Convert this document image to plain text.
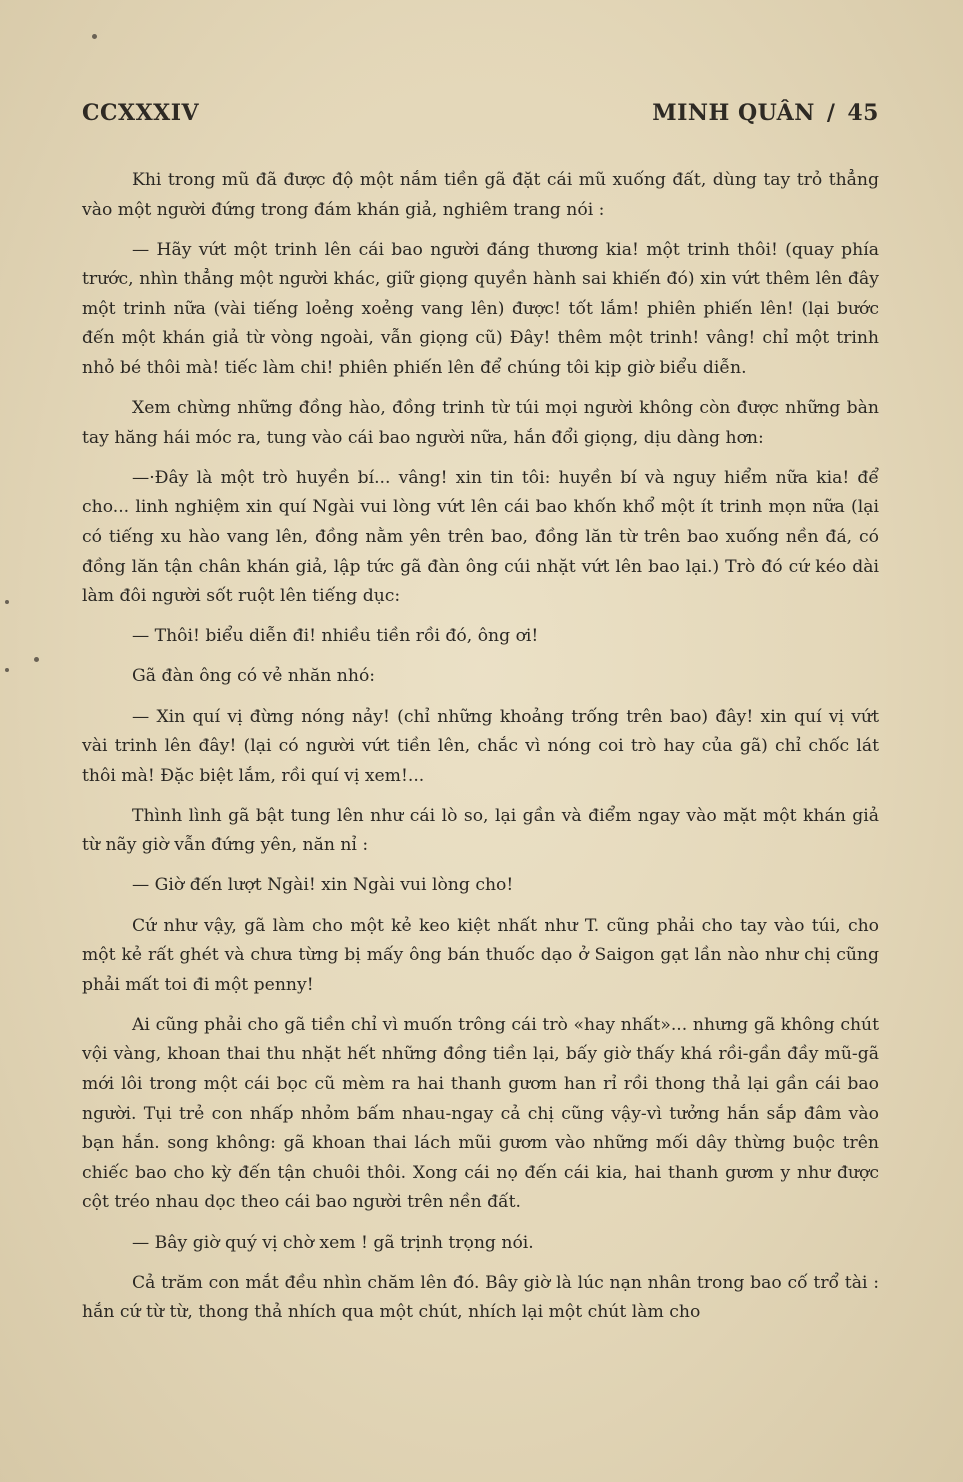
CCXXXIV	MINH QUÂN / 45

Khi trong mũ đã được độ một nắm tiền gã đặt cái mũ xuống đất, dùng tay trỏ thẳng vào một người đứng trong đám khán giả, nghiêm trang nói :

— Hãy vứt một trinh lên cái bao người đáng thương kia! một trinh thôi! (quay phía trước, nhìn thẳng một người khác, giữ giọng quyền hành sai khiến đó) xin vứt thêm lên đây một trinh nữa (vài tiếng loẻng xoẻng vang lên) được! tốt lắm! phiên phiến lên! (lại bước đến một khán giả từ vòng ngoài, vẫn giọng cũ) Đây! thêm một trinh! vâng! chỉ một trinh nhỏ bé thôi mà! tiếc làm chi! phiên phiến lên để chúng tôi kịp giờ biểu diễn.

Xem chừng những đồng hào, đồng trinh từ túi mọi người không còn được những bàn tay hăng hái móc ra, tung vào cái bao người nữa, hắn đổi giọng, dịu dàng hơn:

—·Đây là một trò huyền bí... vâng! xin tin tôi: huyền bí và nguy hiểm nữa kia! để cho... linh nghiệm xin quí Ngài vui lòng vứt lên cái bao khốn khổ một ít trinh mọn nữa (lại có tiếng xu hào vang lên, đồng nằm yên trên bao, đồng lăn từ trên bao xuống nền đá, có đồng lăn tận chân khán giả, lập tức gã đàn ông cúi nhặt vứt lên bao lại.) Trò đó cứ kéo dài làm đôi người sốt ruột lên tiếng dục:

— Thôi! biểu diễn đi! nhiều tiền rồi đó, ông ơi!

Gã đàn ông có vẻ nhăn nhó:

— Xin quí vị đừng nóng nảy! (chỉ những khoảng trống trên bao) đây! xin quí vị vứt vài trinh lên đây! (lại có người vứt tiền lên, chắc vì nóng coi trò hay của gã) chỉ chốc lát thôi mà! Đặc biệt lắm, rồi quí vị xem!...

Thình lình gã bật tung lên như cái lò so, lại gần và điểm ngay vào mặt một khán giả từ nãy giờ vẫn đứng yên, năn nỉ :

— Giờ đến lượt Ngài! xin Ngài vui lòng cho!

Cứ như vậy, gã làm cho một kẻ keo kiệt nhất như T. cũng phải cho tay vào túi, cho một kẻ rất ghét và chưa từng bị mấy ông bán thuốc dạo ở Saigon gạt lần nào như chị cũng phải mất toi đi một penny!

Ai cũng phải cho gã tiền chỉ vì muốn trông cái trò «hay nhất»... nhưng gã không chút vội vàng, khoan thai thu nhặt hết những đồng tiền lại, bấy giờ thấy khá rồi-gần đầy mũ-gã mới lôi trong một cái bọc cũ mèm ra hai thanh gươm han rỉ rồi thong thả lại gần cái bao người. Tụi trẻ con nhấp nhỏm bấm nhau-ngay cả chị cũng vậy-vì tưởng hắn sắp đâm vào bạn hắn. song không: gã khoan thai lách mũi gươm vào những mối dây thừng buộc trên chiếc bao cho kỳ đến tận chuôi thôi. Xong cái nọ đến cái kia, hai thanh gươm y như được cột tréo nhau dọc theo cái bao người trên nền đất.

— Bây giờ quý vị chờ xem ! gã trịnh trọng nói.

Cả trăm con mắt đều nhìn chăm lên đó. Bây giờ là lúc nạn nhân trong bao cố trổ tài : hắn cứ từ từ, thong thả nhích qua một chút, nhích lại một chút làm cho
